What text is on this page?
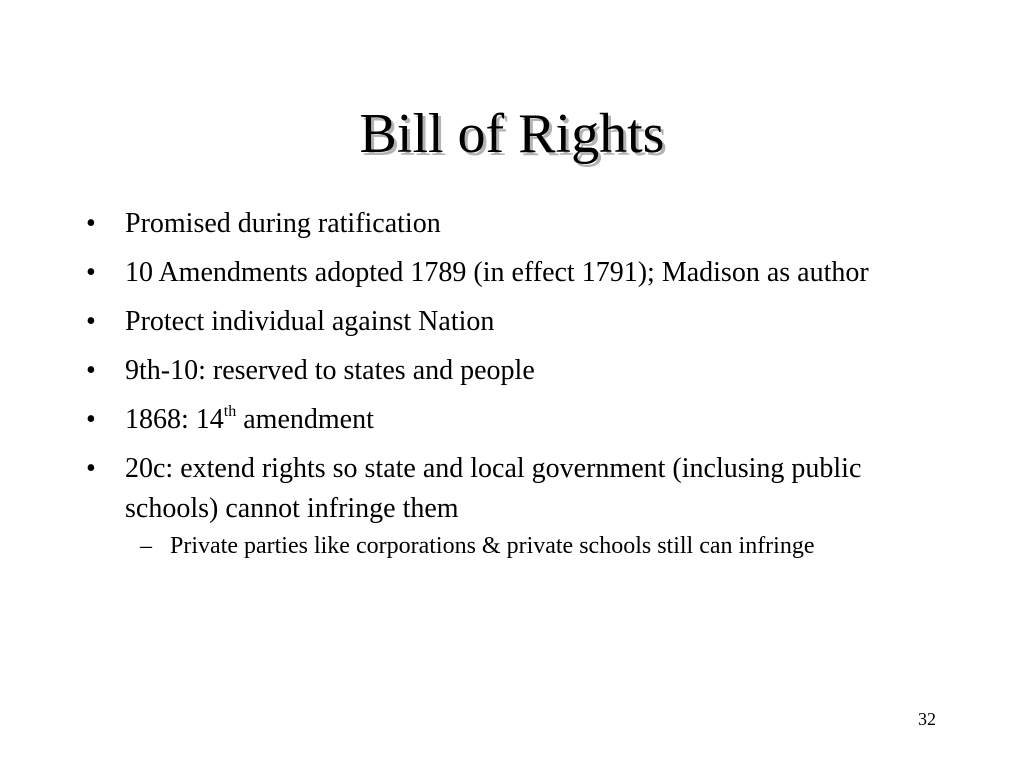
Bill of Rights
• Promised during ratification
• 10 Amendments adopted 1789 (in effect 1791); Madison as author
• Protect individual against Nation
• 9th-10: reserved to states and people
• 1868: 14th amendment
• 20c: extend rights so state and local government (inclusing public schools) cannot infringe them
– Private parties like corporations & private schools still can infringe
32
